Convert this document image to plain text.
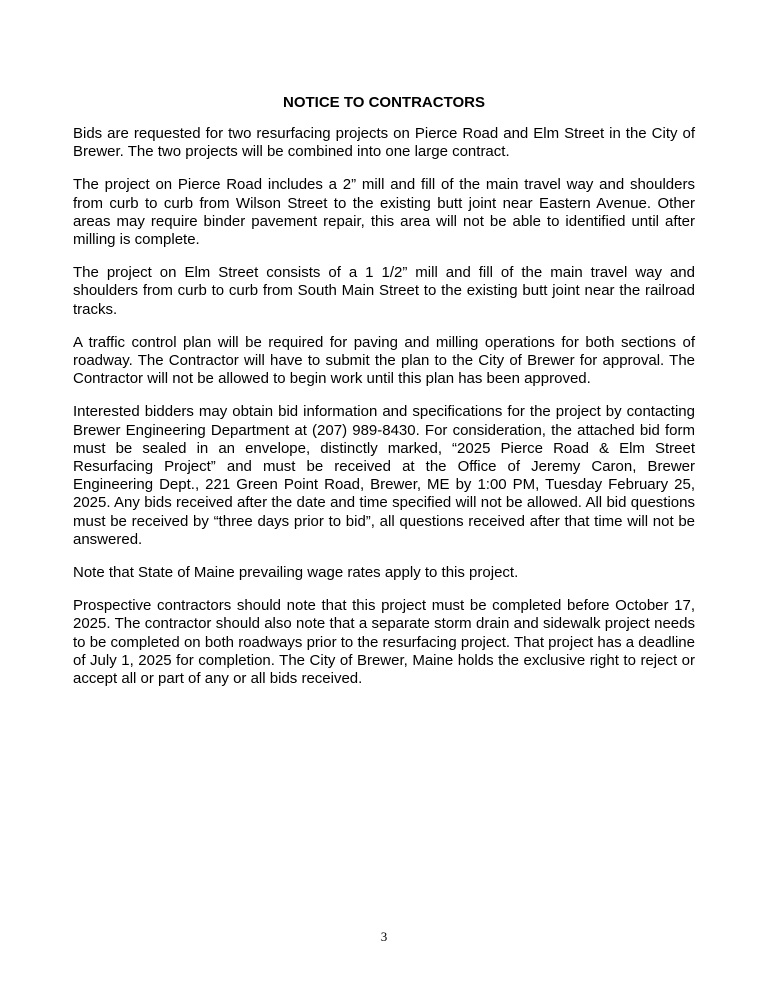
NOTICE TO CONTRACTORS

Bids are requested for two resurfacing projects on Pierce Road and Elm Street in the City of Brewer. The two projects will be combined into one large contract.

The project on Pierce Road includes a 2” mill and fill of the main travel way and shoulders from curb to curb from Wilson Street to the existing butt joint near Eastern Avenue. Other areas may require binder pavement repair, this area will not be able to identified until after milling is complete.

The project on Elm Street consists of a 1 1/2” mill and fill of the main travel way and shoulders from curb to curb from South Main Street to the existing butt joint near the railroad tracks.

A traffic control plan will be required for paving and milling operations for both sections of roadway. The Contractor will have to submit the plan to the City of Brewer for approval. The Contractor will not be allowed to begin work until this plan has been approved.

Interested bidders may obtain bid information and specifications for the project by contacting Brewer Engineering Department at (207) 989-8430. For consideration, the attached bid form must be sealed in an envelope, distinctly marked, “2025 Pierce Road & Elm Street Resurfacing Project” and must be received at the Office of Jeremy Caron, Brewer Engineering Dept., 221 Green Point Road, Brewer, ME by 1:00 PM, Tuesday February 25, 2025. Any bids received after the date and time specified will not be allowed. All bid questions must be received by “three days prior to bid”, all questions received after that time will not be answered.

Note that State of Maine prevailing wage rates apply to this project.

Prospective contractors should note that this project must be completed before October 17, 2025. The contractor should also note that a separate storm drain and sidewalk project needs to be completed on both roadways prior to the resurfacing project. That project has a deadline of July 1, 2025 for completion. The City of Brewer, Maine holds the exclusive right to reject or accept all or part of any or all bids received.

3
